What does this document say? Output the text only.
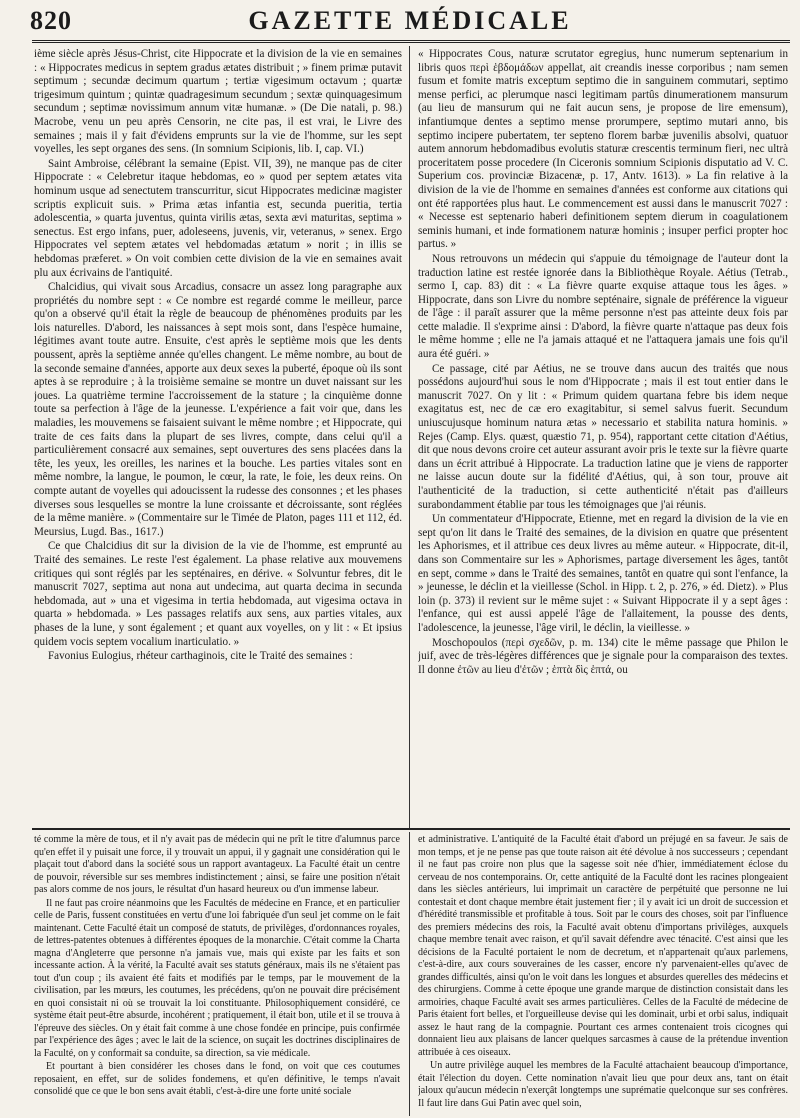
GAZETTE MÉDICALE
820

ième siècle après Jésus-Christ, cite Hippocrate et la division de la vie en semaines : « Hippocrates medicus in septem gradus ætates distribuit ; » finem primæ putavit septimum ; secundæ decimum quartum ; tertiæ vigesimum octavum ; quartæ trigesimum quintum ; quintæ quadragesimum secundum ; sextæ quinquagesimum secundum ; septimæ novissimum annum vitæ humanæ. » (De Die natali, p. 98.) Macrobe, venu un peu après Censorin, ne cite pas, il est vrai, le Livre des semaines ; mais il y fait d'évidens emprunts sur la vie de l'homme, sur les sept voyelles, les sept organes des sens. (In somnium Scipionis, lib. I, cap. VI.)

Saint Ambroise, célébrant la semaine (Epist. VII, 39), ne manque pas de citer Hippocrate : « Celebretur itaque hebdomas, eo » quod per septem ætates vita hominum usque ad senectutem transcurritur, sicut Hippocrates medicinæ magister scriptis explicuit suis. » Prima ætas infantia est, secunda pueritia, tertia adolescentia, » quarta juventus, quinta virilis ætas, sexta ævi maturitas, septima » senectus. Est ergo infans, puer, adoleseens, juvenis, vir, veteranus, » senex. Ergo Hippocrates vel septem ætates vel hebdomadas ætatum » norit ; in illis se hebdomas præferet. » On voit combien cette division de la vie en semaines avait plu aux écrivains de l'antiquité.

Chalcidius, qui vivait sous Arcadius, consacre un assez long paragraphe aux propriétés du nombre sept : « Ce nombre est regardé comme le meilleur, parce qu'on a observé qu'il était la règle de beaucoup de phénomènes produits par les lois naturelles. D'abord, les naissances à sept mois sont, dans l'espèce humaine, légitimes avant toute autre. Ensuite, c'est après le septième mois que les dents poussent, après la septième année qu'elles changent. Le même nombre, au bout de la seconde semaine d'années, apporte aux deux sexes la puberté, époque où ils sont aptes à se reproduire ; à la troisième semaine se montre un duvet naissant sur les joues. La quatrième termine l'accroissement de la stature ; la cinquième donne toute sa perfection à l'âge de la jeunesse. L'expérience a fait voir que, dans les maladies, les mouvemens se faisaient suivant le même nombre ; et Hippocrate, qui traite de ces faits dans la plupart de ses livres, compte, dans celui qu'il a particulièrement consacré aux semaines, sept ouvertures des sens placées dans la tête, les yeux, les oreilles, les narines et la bouche. Les parties vitales sont en même nombre, la langue, le poumon, le cœur, la rate, le foie, les deux reins. On compte autant de voyelles qui adoucissent la rudesse des consonnes ; et les phases diverses sous lesquelles se montre la lune croissante et décroissante, sont réglées de la même manière. » (Commentaire sur le Timée de Platon, pages 111 et 112, éd. Meursius, Lugd. Bas., 1617.)

Ce que Chalcidius dit sur la division de la vie de l'homme, est emprunté au Traité des semaines. Le reste l'est également. La phase relative aux mouvemens critiques qui sont réglés par les septénaires, en dérive. « Solvuntur febres, dit le manuscrit 7027, septima aut nona aut undecima, aut quarta decima in secunda hebdomada, aut » una et vigesima in tertia hebdomada, aut vigesima octava in quarta » hebdomada. » Les passages relatifs aux sens, aux parties vitales, aux phases de la lune, y sont également ; et quant aux voyelles, on y lit : « Et ipsius quidem vocis septem vocalium inarticulatio. »

Favonius Eulogius, rhéteur carthaginois, cite le Traité des semaines :

« Hippocrates Cous, naturæ scrutator egregius, hunc numerum septenarium in libris quos περὶ ἑβδομάδων appellat, ait creandis inesse corporibus ; nam semen fusum et fomite matris exceptum septimo die in sanguinem commutari, septimo mense perfici, ac plerumque nasci legitimam partûs dinumerationem mansurum (au lieu de mansurum qui ne fait aucun sens, je propose de lire emensum), infantiumque dentes a septimo mense prorumpere, septimo mutari anno, bis septimo incipere pubertatem, ter septeno florem barbæ juvenilis absolvi, quatuor autem annorum hebdomadibus evolutis staturæ crescentis terminum fieri, nec ultrà proceritatem posse procedere (In Ciceronis somnium Scipionis disputatio ad V. C. Superium cos. provinciæ Bizacenæ, p. 17, Antv. 1613). » La fin relative à la division de la vie de l'homme en semaines d'années est conforme aux citations qui ont été rapportées plus haut. Le commencement est aussi dans le manuscrit 7027 : « Necesse est septenario haberi definitionem septem dierum in coagulationem seminis humani, et inde formationem naturæ hominis ; insuper perfici propter hoc partus. »

Nous retrouvons un médecin qui s'appuie du témoignage de l'auteur dont la traduction latine est restée ignorée dans la Bibliothèque Royale. Aétius (Tetrab., sermo I, cap. 83) dit : « La fièvre quarte exquise attaque tous les âges. » Hippocrate, dans son Livre du nombre septénaire, signale de préférence la vigueur de l'âge : il paraît assurer que la même personne n'est pas atteinte deux fois par cette maladie. Il s'exprime ainsi : D'abord, la fièvre quarte n'attaque pas deux fois le même homme ; elle ne l'a jamais attaqué et ne l'attaquera jamais une fois qu'il aura été guéri. »

Ce passage, cité par Aétius, ne se trouve dans aucun des traités que nous possédons aujourd'hui sous le nom d'Hippocrate ; mais il est tout entier dans le manuscrit 7027. On y lit : « Primum quidem quartana febre bis idem neque exagitatus est, nec de cæ ero exagitabitur, si semel salvus fuerit. Secundum uniuscujusque hominum natura ætas » necessario et stabilita natura hominis. » Rejes (Camp. Elys. quæst, quæstio 71, p. 954), rapportant cette citation d'Aétius, dit que nous devons croire cet auteur assurant avoir pris le texte sur la fièvre quarte dans un écrit attribué à Hippocrate. La traduction latine que je viens de rapporter ne laisse aucun doute sur la fidélité d'Aétius, qui, à son tour, prouve ait l'authenticité de la traduction, si cette authenticité n'était pas d'ailleurs surabondamment établie par tous les témoignages que j'ai réunis.

Un commentateur d'Hippocrate, Etienne, met en regard la division de la vie en sept qu'on lit dans le Traité des semaines, de la division en quatre que présentent les Aphorismes, et il attribue ces deux livres au même auteur. « Hippocrate, dit-il, dans son Commentaire sur les » Aphorismes, partage diversement les âges, tantôt en sept, comme » dans le Traité des semaines, tantôt en quatre qui sont l'enfance, la » jeunesse, le déclin et la vieillesse (Schol. in Hipp. t. 2, p. 276, » éd. Dietz). » Plus loin (p. 373) il revient sur le même sujet : « Suivant Hippocrate il y a sept âges : l'enfance, qui est aussi appelé l'âge de l'allaitement, la pousse des dents, l'adolescence, la jeunesse, l'âge viril, le déclin, la vieillesse. »

Moschopoulos (περὶ σχεδῶν, p. m. 134) cite le même passage que Philon le juif, avec de très-légères différences que je signale pour la comparaison des textes. Il donne ἐτῶν au lieu d'ἐτῶν ; ἑπτὰ δὶς ἑπτά, ou

té comme la mère de tous, et il n'y avait pas de médecin qui ne prît le titre d'alumnus parce qu'en effet il y puisait une force, il y trouvait un appui, il y gagnait une considération qui le plaçait tout d'abord dans la société sous un rapport avantageux. La Faculté était un centre de pouvoir, réversible sur ses membres indistinctement ; ainsi, se faire une position n'était pas alors comme de nos jours, le résultat d'un hasard heureux ou d'un immense labeur.

Il ne faut pas croire néanmoins que les Facultés de médecine en France, et en particulier celle de Paris, fussent constituées en vertu d'une loi fabriquée d'un seul jet comme on le fait maintenant. Cette Faculté était un composé de statuts, de privilèges, d'ordonnances royales, de lettres-patentes obtenues à différentes époques de la monarchie. C'était comme la Charta magna d'Angleterre que personne n'a jamais vue, mais qui existe par les faits et son incessante action. À la vérité, la Faculté avait ses statuts généraux, mais ils ne s'étaient pas tout d'un coup ; ils avaient été faits et modifiés par le temps, par le mouvement de la civilisation, par les mœurs, les coutumes, les précédens, qu'on ne pouvait dire précisément en quoi consistait ni où se trouvait la loi constituante. Philosophiquement considéré, ce système était peut-être absurde, incohérent ; pratiquement, il était bon, utile et il se trouva à l'épreuve des siècles. On y était fait comme à une chose fondée en principe, puis confirmée par l'expérience des âges ; avec le lait de la science, on suçait les doctrines disciplinaires de la Faculté, on y conformait sa conduite, sa direction, sa vie médicale.

Et pourtant à bien considérer les choses dans le fond, on voit que ces coutumes reposaient, en effet, sur de solides fondemens, et qu'en définitive, le temps n'avait consolidé que ce que le bon sens avait établi, c'est-à-dire une forte unité sociale

et administrative. L'antiquité de la Faculté était d'abord un préjugé en sa faveur. Je sais de mon temps, et je ne pense pas que toute raison ait été dévolue à nos successeurs ; cependant il ne faut pas croire non plus que la sagesse soit née d'hier, immédiatement éclose du cerveau de nos contemporains. Or, cette antiquité de la Faculté dont les racines plongeaient dans les siècles antérieurs, lui imprimait un caractère de perpétuité que personne ne lui contestait et dont chaque membre était justement fier ; il y avait ici un droit de succession et d'hérédité transmissible et profitable à tous. Soit par le cours des choses, soit par l'influence des premiers médecins des rois, la Faculté avait obtenu d'importans privilèges, auxquels chaque membre tenait avec raison, et qu'il savait défendre avec ténacité. C'est ainsi que les décisions de la Faculté portaient le nom de decretum, et n'appartenait qu'aux parlemens, c'est-à-dire, aux cours souveraines de les casser, encore n'y parvenaient-elles qu'avec de grandes difficultés, ainsi qu'on le voit dans les longues et absurdes querelles des médecins et des chirurgiens. Comme à cette époque une grande marque de distinction consistait dans les armoiries, chaque Faculté avait ses armes particulières. Celles de la Faculté de médecine de Paris étaient fort belles, et l'orgueilleuse devise qui les dominait, urbi et orbi salus, indiquait assez le haut rang de la compagnie. Pourtant ces armes contenaient trois cicognes qui donnaient lieu aux plaisans de lancer quelques sarcasmes à cause de la prétendue invention attribuée à ces oiseaux.

Un autre privilège auquel les membres de la Faculté attachaient beaucoup d'importance, était l'élection du doyen. Cette nomination n'avait lieu que pour deux ans, tant on était jaloux qu'aucun médecin n'exerçât longtemps une suprématie quelconque sur ses confrères. Il faut lire dans Gui Patin avec quel soin,
